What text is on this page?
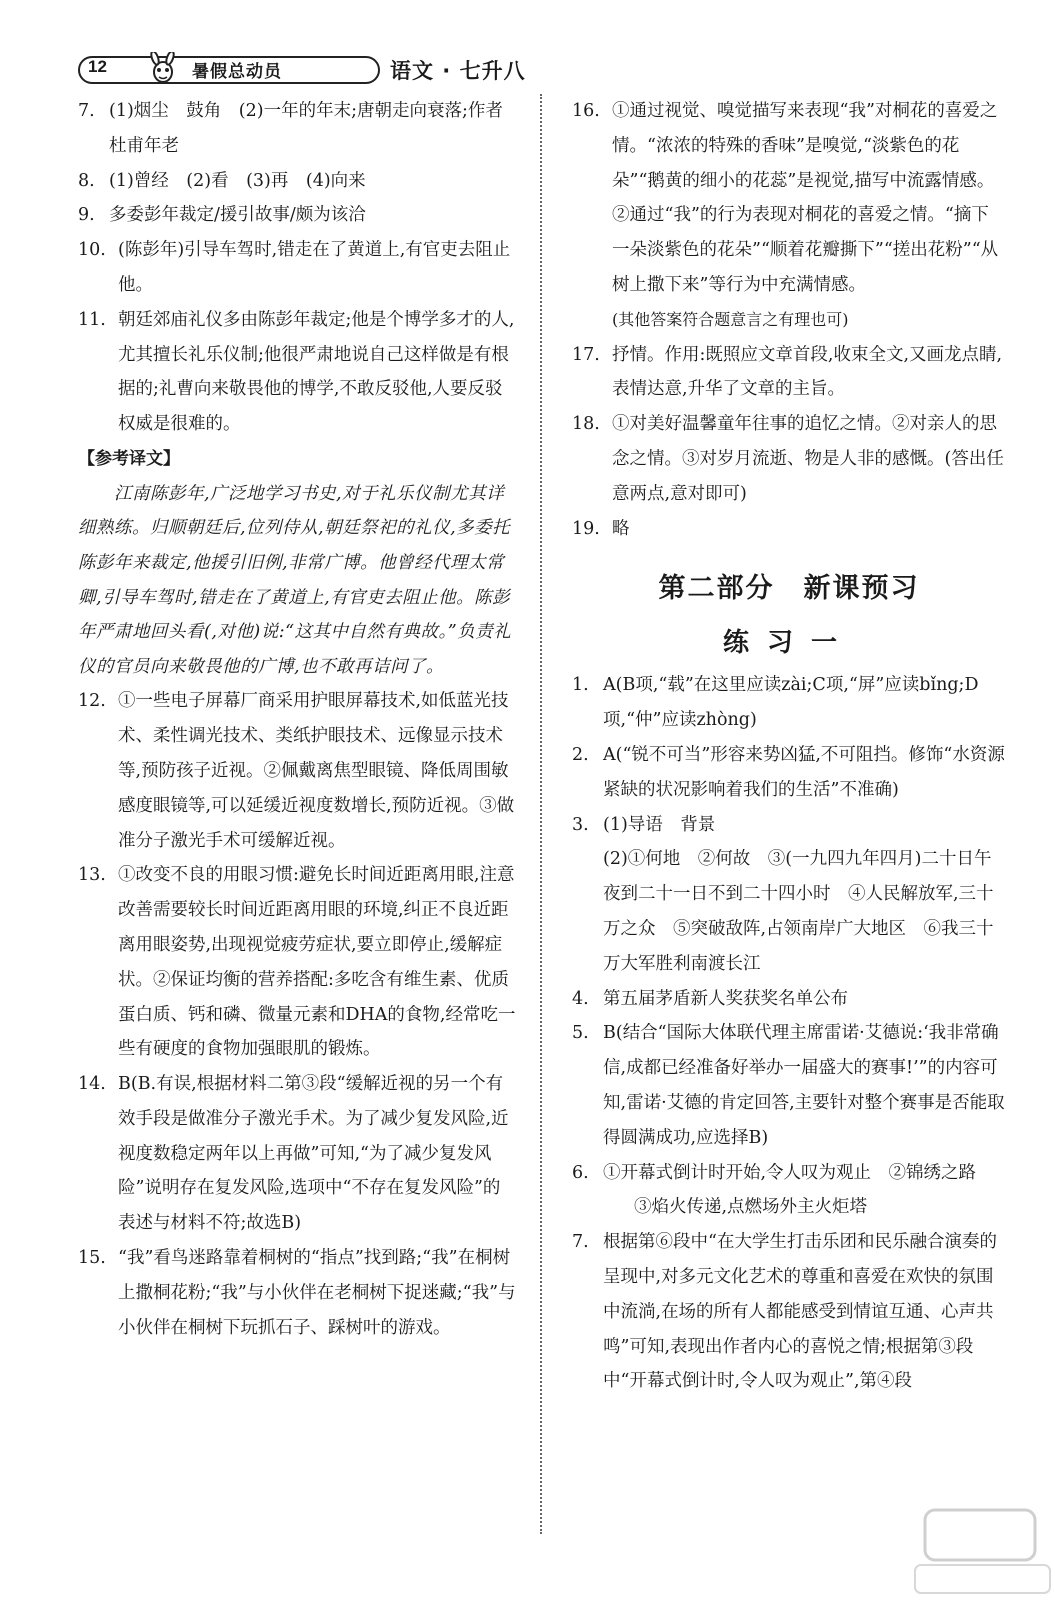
12	暑假总动员	语文 · 七升八
7. (1)烟尘　鼓角　(2)一年的年末;唐朝走向衰落;作者杜甫年老
8. (1)曾经　(2)看　(3)再　(4)向来
9. 多委彭年裁定/援引故事/颇为该洽
10. (陈彭年)引导车驾时,错走在了黄道上,有官吏去阻止他。
11. 朝廷郊庙礼仪多由陈彭年裁定;他是个博学多才的人,尤其擅长礼乐仪制;他很严肃地说自己这样做是有根据的;礼曹向来敬畏他的博学,不敢反驳他,人要反驳权威是很难的。
【参考译文】
江南陈彭年,广泛地学习书史,对于礼乐仪制尤其详细熟练。归顺朝廷后,位列侍从,朝廷祭祀的礼仪,多委托陈彭年来裁定,他援引旧例,非常广博。他曾经代理太常卿,引导车驾时,错走在了黄道上,有官吏去阻止他。陈彭年严肃地回头看(,对他)说:“这其中自然有典故。”负责礼仪的官员向来敬畏他的广博,也不敢再诘问了。
12. ①一些电子屏幕厂商采用护眼屏幕技术,如低蓝光技术、柔性调光技术、类纸护眼技术、远像显示技术等,预防孩子近视。②佩戴离焦型眼镜、降低周围敏感度眼镜等,可以延缓近视度数增长,预防近视。③做准分子激光手术可缓解近视。
13. ①改变不良的用眼习惯:避免长时间近距离用眼,注意改善需要较长时间近距离用眼的环境,纠正不良近距离用眼姿势,出现视觉疲劳症状,要立即停止,缓解症状。②保证均衡的营养搭配:多吃含有维生素、优质蛋白质、钙和磷、微量元素和DHA的食物,经常吃一些有硬度的食物加强眼肌的锻炼。
14. B(B.有误,根据材料二第③段“缓解近视的另一个有效手段是做准分子激光手术。为了减少复发风险,近视度数稳定两年以上再做”可知,“为了减少复发风险”说明存在复发风险,选项中“不存在复发风险”的表述与材料不符;故选B)
15. “我”看鸟迷路靠着桐树的“指点”找到路;“我”在桐树上撒桐花粉;“我”与小伙伴在老桐树下捉迷藏;“我”与小伙伴在桐树下玩抓石子、踩树叶的游戏。
16. ①通过视觉、嗅觉描写来表现“我”对桐花的喜爱之情。“浓浓的特殊的香味”是嗅觉,“淡紫色的花朵”“鹅黄的细小的花蕊”是视觉,描写中流露情感。②通过“我”的行为表现对桐花的喜爱之情。“摘下一朵淡紫色的花朵”“顺着花瓣撕下”“搓出花粉”“从树上撒下来”等行为中充满情感。
(其他答案符合题意言之有理也可)
17. 抒情。作用:既照应文章首段,收束全文,又画龙点睛,表情达意,升华了文章的主旨。
18. ①对美好温馨童年往事的追忆之情。②对亲人的思念之情。③对岁月流逝、物是人非的感慨。(答出任意两点,意对即可)
19. 略
第二部分　新课预习
练习一
1. A(B项,“载”在这里应读zài;C项,“屏”应读bǐng;D项,“仲”应读zhòng)
2. A(“锐不可当”形容来势凶猛,不可阻挡。修饰“水资源紧缺的状况影响着我们的生活”不准确)
3. (1)导语　背景
(2)①何地　②何故　③(一九四九年四月)二十日午夜到二十一日不到二十四小时　④人民解放军,三十万之众　⑤突破敌阵,占领南岸广大地区　⑥我三十万大军胜利南渡长江
4. 第五届茅盾新人奖获奖名单公布
5. B(结合“国际大体联代理主席雷诺·艾德说:‘我非常确信,成都已经准备好举办一届盛大的赛事!’”的内容可知,雷诺·艾德的肯定回答,主要针对整个赛事是否能取得圆满成功,应选择B)
6. ①开幕式倒计时开始,令人叹为观止　②锦绣之路
③焰火传递,点燃场外主火炬塔
7. 根据第⑥段中“在大学生打击乐团和民乐融合演奏的呈现中,对多元文化艺术的尊重和喜爱在欢快的氛围中流淌,在场的所有人都能感受到情谊互通、心声共鸣”可知,表现出作者内心的喜悦之情;根据第③段中“开幕式倒计时,令人叹为观止”,第④段
